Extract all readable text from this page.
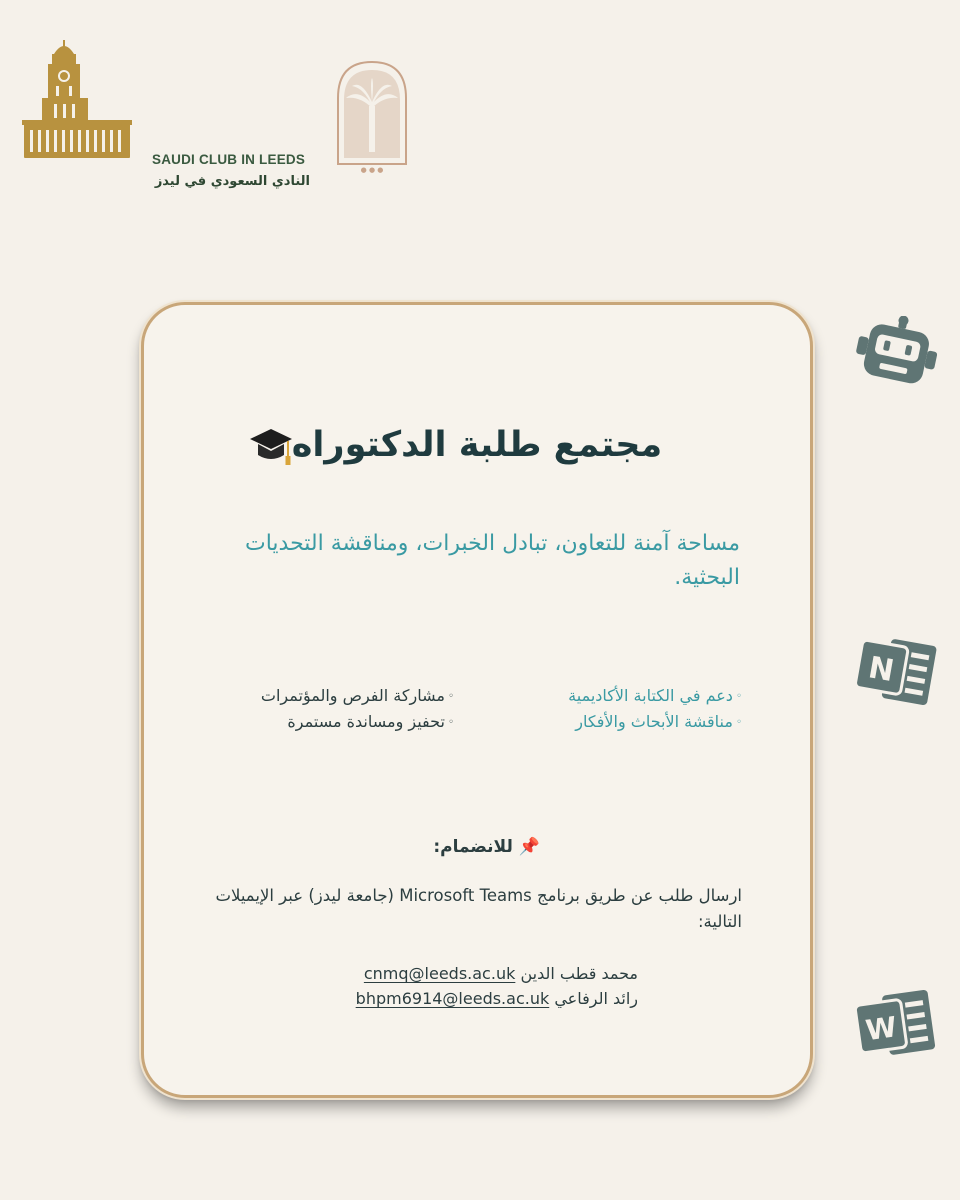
SAUDI CLUB IN LEEDS
النادي السعودي في ليدز
● ● ●
مجتمع طلبة الدكتوراه
مساحة آمنة للتعاون، تبادل الخبرات، ومناقشة التحديات البحثية.
◦ دعم في الكتابة الأكاديمية
◦ مناقشة الأبحاث والأفكار
◦ مشاركة الفرص والمؤتمرات
◦ تحفيز ومساندة مستمرة
📌للانضمام:
ارسال طلب عن طريق برنامج Microsoft Teams (جامعة ليدز) عبر الإيميلات التالية:
محمد قطب الدين cnmq@leeds.ac.uk
رائد الرفاعي bhpm6914@leeds.ac.uk
N
W
